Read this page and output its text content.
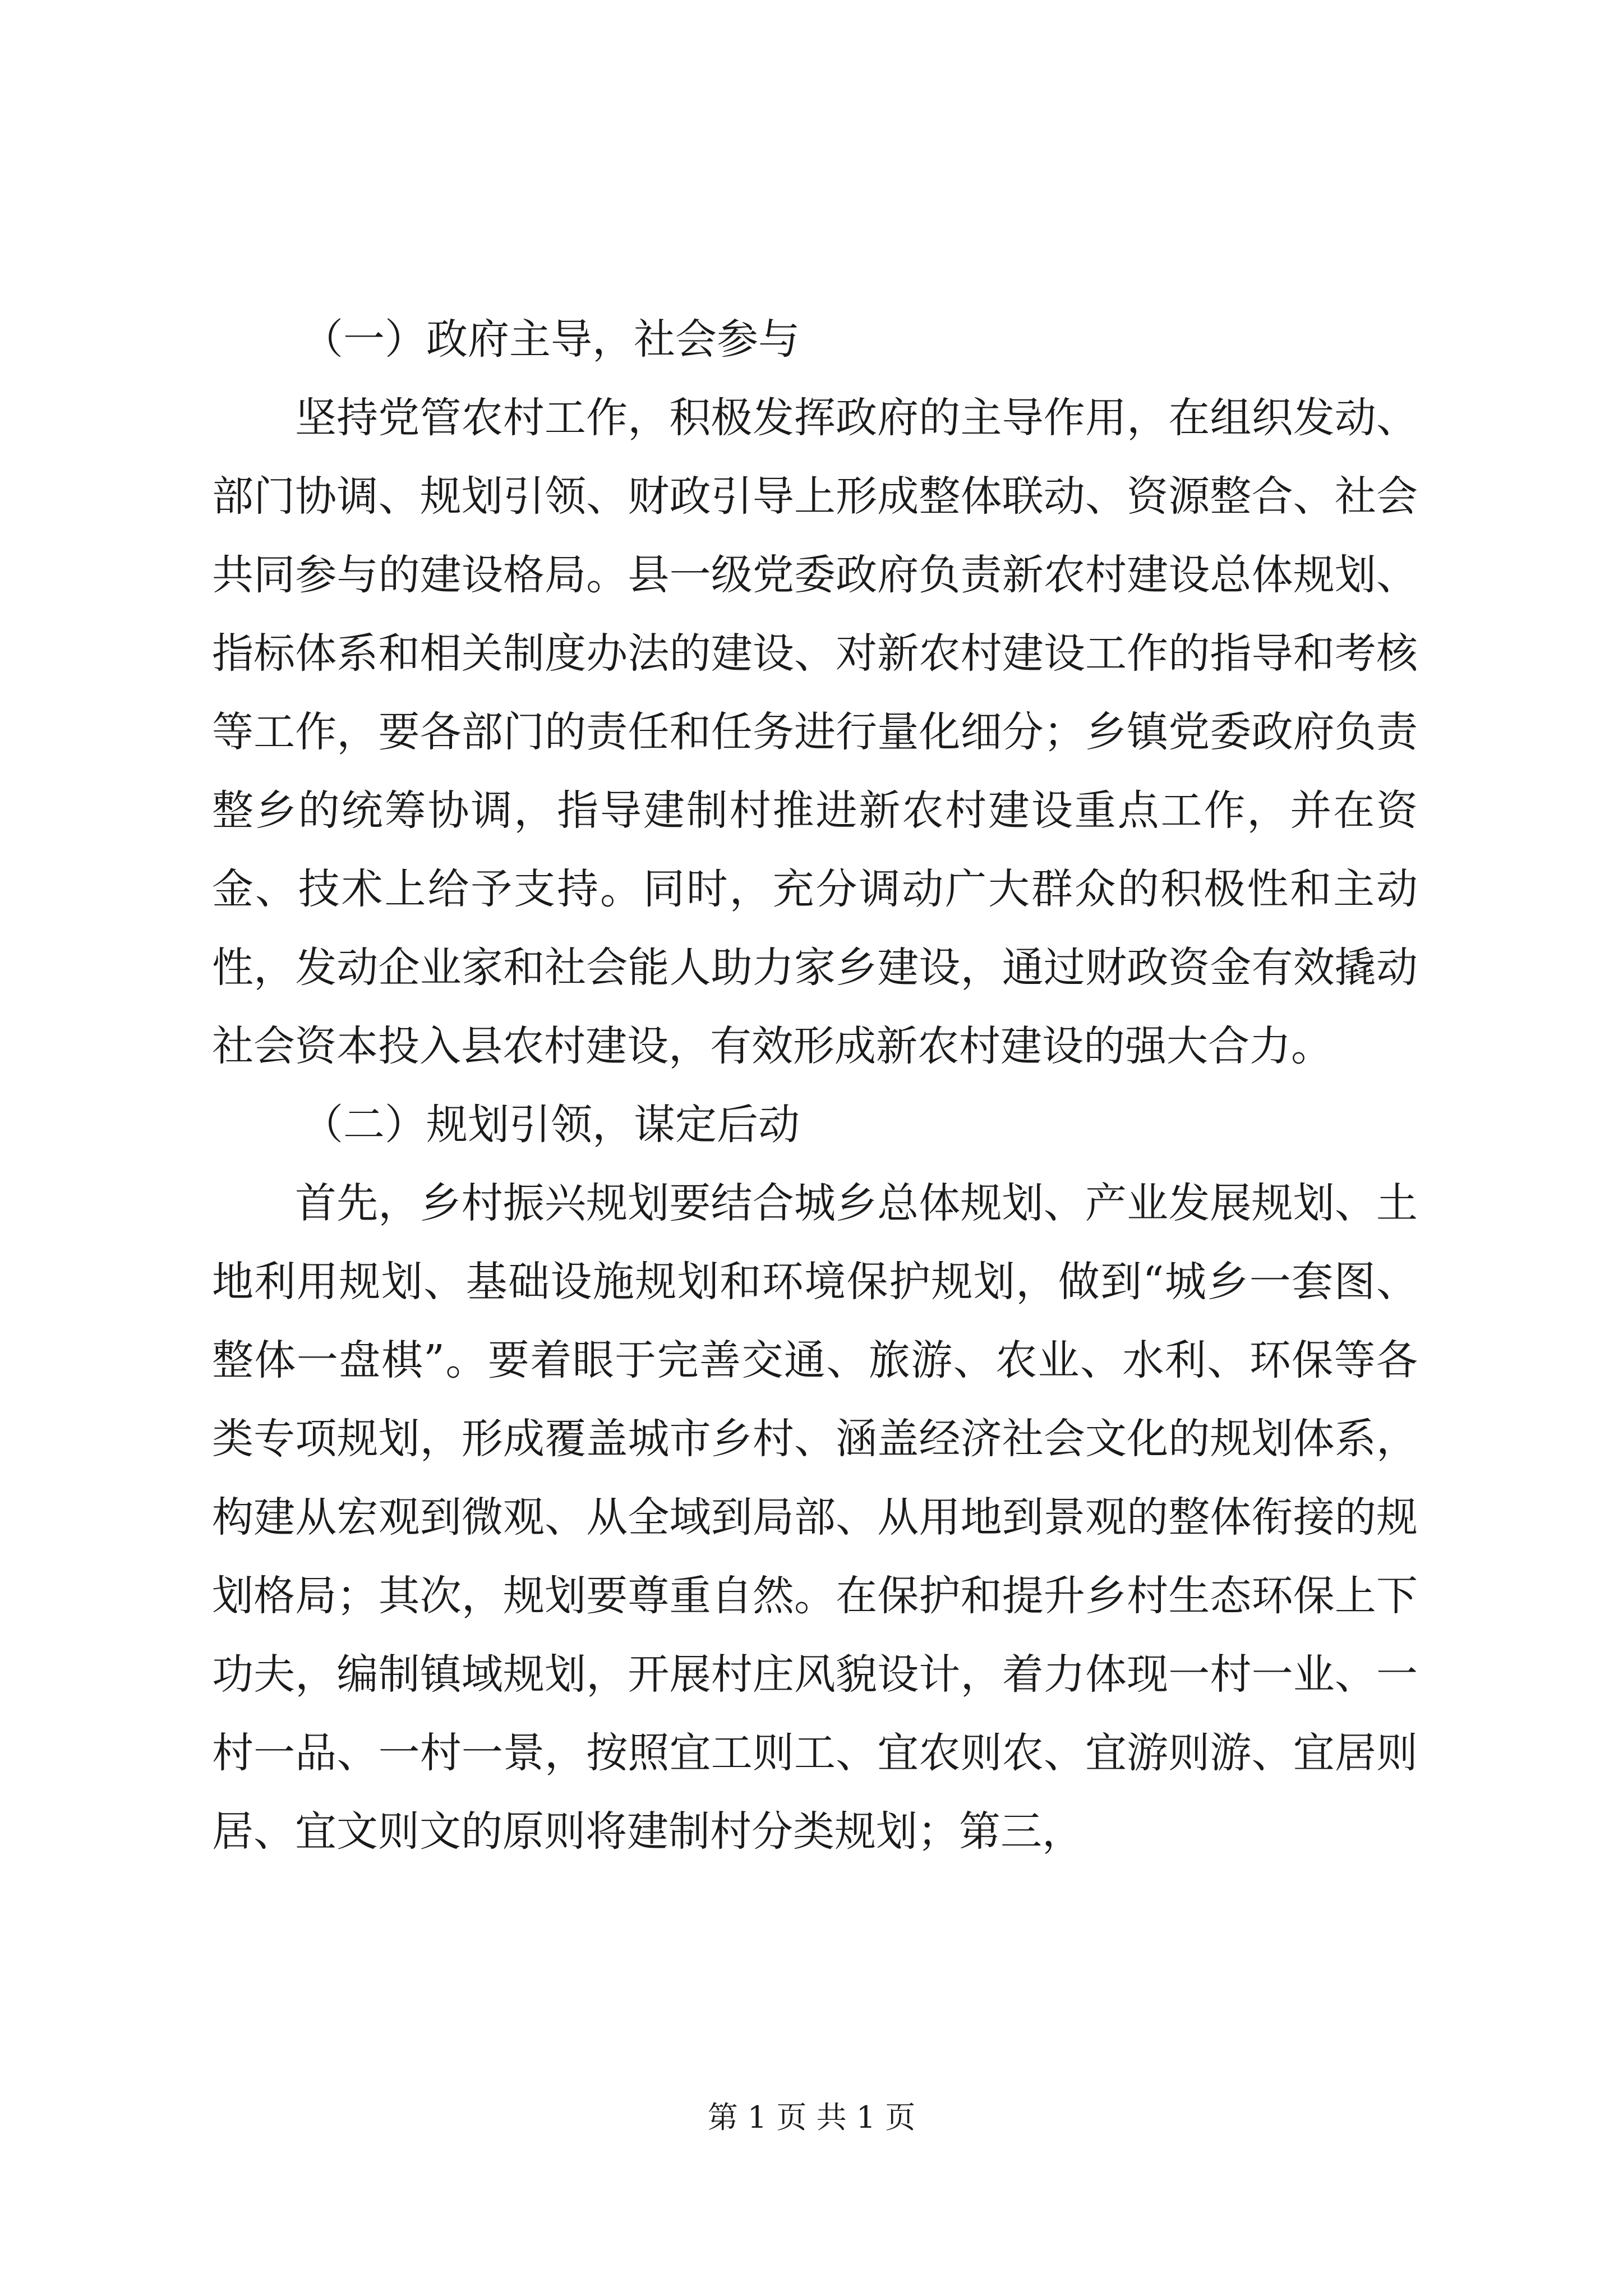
（一）政府主导，社会参与

坚持党管农村工作，积极发挥政府的主导作用，在组织发动、部门协调、规划引领、财政引导上形成整体联动、资源整合、社会共同参与的建设格局。县一级党委政府负责新农村建设总体规划、指标体系和相关制度办法的建设、对新农村建设工作的指导和考核等工作，要各部门的责任和任务进行量化细分；乡镇党委政府负责整乡的统筹协调，指导建制村推进新农村建设重点工作，并在资金、技术上给予支持。同时，充分调动广大群众的积极性和主动性，发动企业家和社会能人助力家乡建设，通过财政资金有效撬动社会资本投入县农村建设，有效形成新农村建设的强大合力。

（二）规划引领，谋定后动

首先，乡村振兴规划要结合城乡总体规划、产业发展规划、土地利用规划、基础设施规划和环境保护规划，做到“城乡一套图、整体一盘棋”。要着眼于完善交通、旅游、农业、水利、环保等各类专项规划，形成覆盖城市乡村、涵盖经济社会文化的规划体系，构建从宏观到微观、从全域到局部、从用地到景观的整体衔接的规划格局；其次，规划要尊重自然。在保护和提升乡村生态环保上下功夫，编制镇域规划，开展村庄风貌设计，着力体现一村一业、一村一品、一村一景，按照宜工则工、宜农则农、宜游则游、宜居则居、宜文则文的原则将建制村分类规划；第三，

第 1 页 共 1 页
